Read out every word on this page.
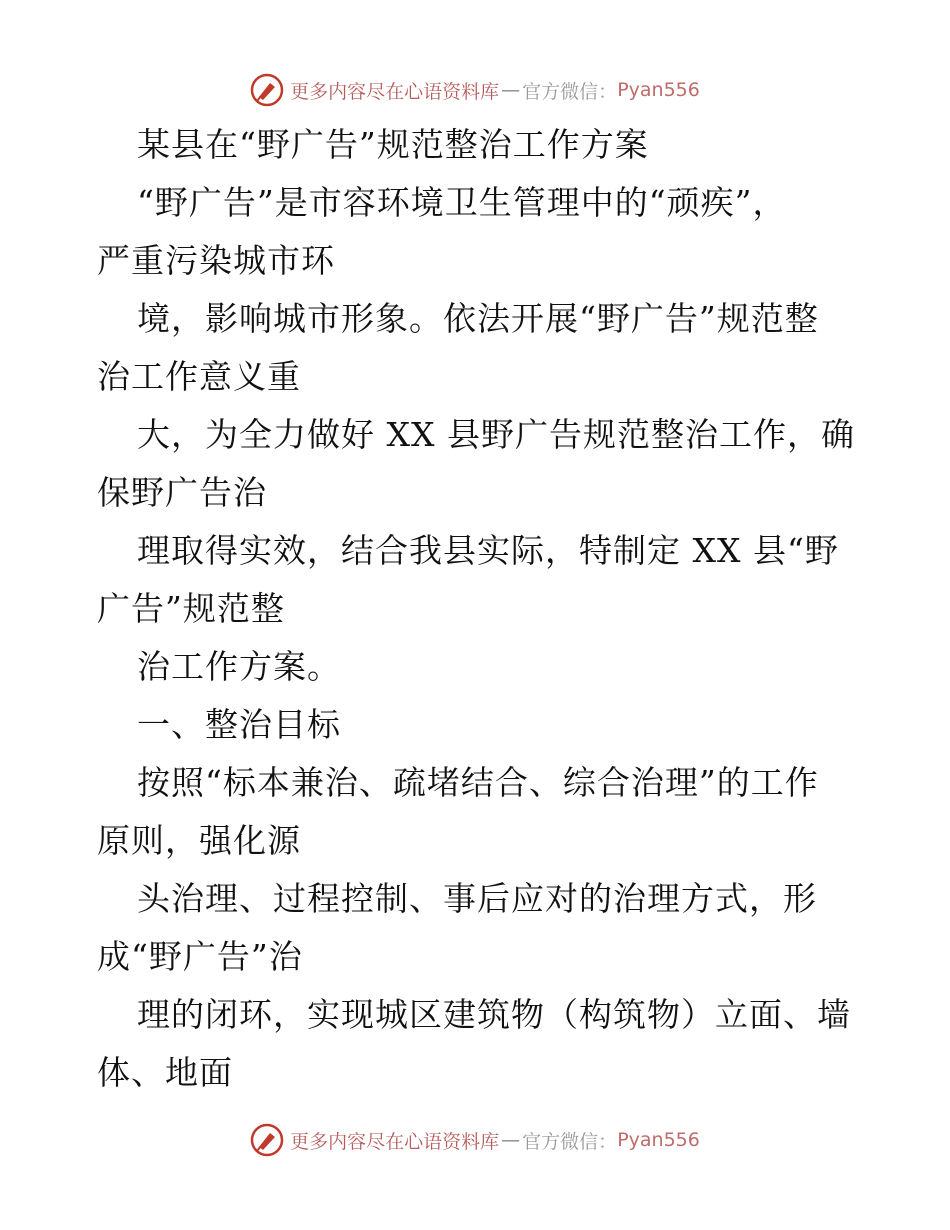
更多内容尽在心语资料库 — 官方微信： Pyan556
某县在“野广告”规范整治工作方案
“野广告”是市容环境卫生管理中的“顽疾”，
严重污染城市环
境，影响城市形象。依法开展“野广告”规范整
治工作意义重
大，为全力做好 XX 县野广告规范整治工作，确
保野广告治
理取得实效，结合我县实际，特制定 XX 县“野
广告”规范整
治工作方案。
一、整治目标
按照“标本兼治、疏堵结合、综合治理”的工作
原则，强化源
头治理、过程控制、事后应对的治理方式，形
成“野广告”治
理的闭环，实现城区建筑物（构筑物）立面、墙
体、地面
更多内容尽在心语资料库 — 官方微信： Pyan556
